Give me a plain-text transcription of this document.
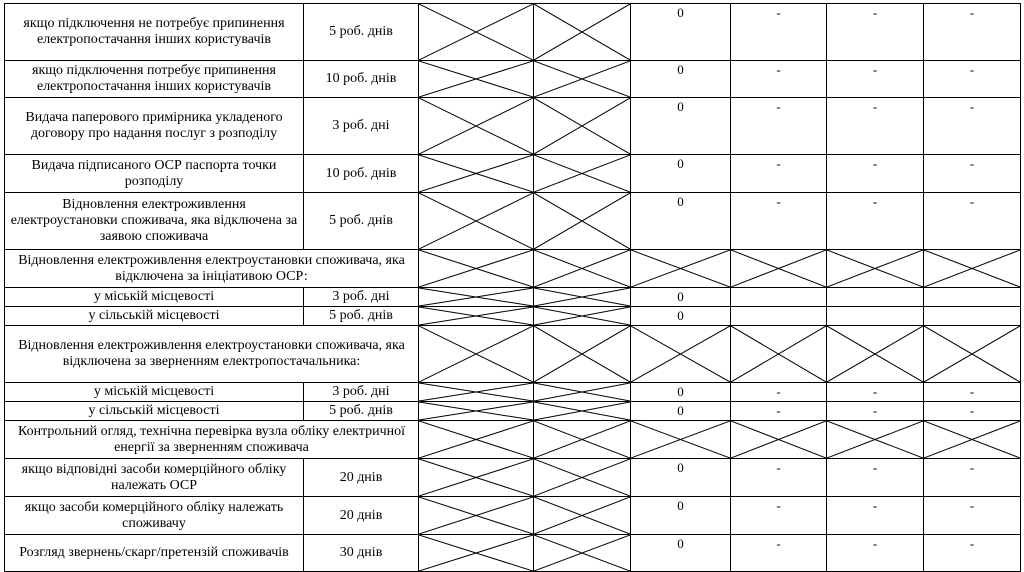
якщо підключення не потребує припинення електропостачання інших користувачів	5 роб. днів			0	-	-	-
якщо підключення потребує припинення електропостачання інших користувачів	10 роб. днів			0	-	-	-
Видача паперового примірника укладеного договору про надання послуг з розподілу	3 роб. дні			0	-	-	-
Видача підписаного ОСР паспорта точки розподілу	10 роб. днів			0	-	-	-
Відновлення електроживлення електроустановки споживача, яка відключена за заявою споживача	5 роб. днів			0	-	-	-
Відновлення електроживлення електроустановки споживача, яка відключена за ініціативою ОСР:	

у міській місцевості	3 роб. дні			0			
у сільській місцевості	5 роб. днів			0			
Відновлення електроживлення електроустановки споживача, яка відключена за зверненням електропостачальника:	

у міській місцевості	3 роб. дні			0	-	-	-
у сільській місцевості	5 роб. днів			0	-	-	-
Контрольний огляд, технічна перевірка вузла обліку електричної енергії за зверненням споживача	

якщо відповідні засоби комерційного обліку належать ОСР	20 днів			0	-	-	-
якщо засоби комерційного обліку належать споживачу	20 днів			0	-	-	-
Розгляд звернень/скарг/претензій споживачів	30 днів			0	-	-	-
